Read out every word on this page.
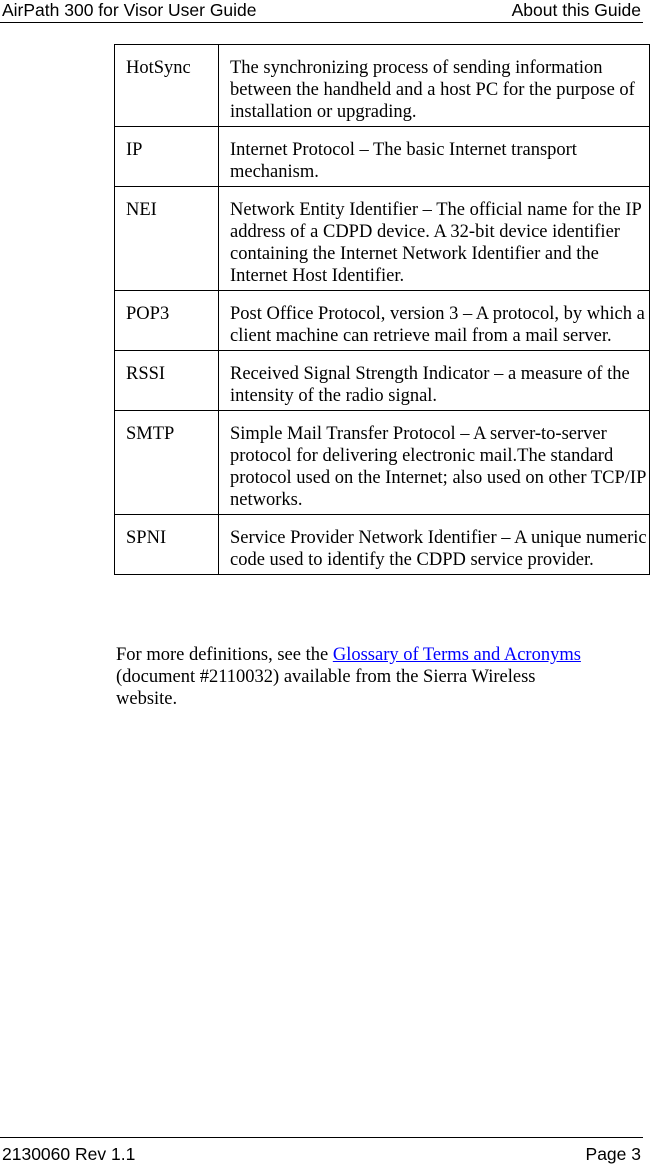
AirPath 300 for Visor User Guide	About this Guide
HotSync	The synchronizing process of sending information between the handheld and a host PC for the purpose of installation or upgrading.
IP	Internet Protocol – The basic Internet transport mechanism.
NEI	Network Entity Identifier – The official name for the IP address of a CDPD device. A 32-bit device identifier containing the Internet Network Identifier and the Internet Host Identifier.
POP3	Post Office Protocol, version 3 – A protocol, by which a client machine can retrieve mail from a mail server.
RSSI	Received Signal Strength Indicator – a measure of the intensity of the radio signal.
SMTP	Simple Mail Transfer Protocol – A server-to-server protocol for delivering electronic mail.The standard protocol used on the Internet; also used on other TCP/IP networks.
SPNI	Service Provider Network Identifier – A unique numeric code used to identify the CDPD service provider.
For more definitions, see the Glossary of Terms and Acronyms (document #2110032) available from the Sierra Wireless website.
2130060 Rev 1.1	Page 3
